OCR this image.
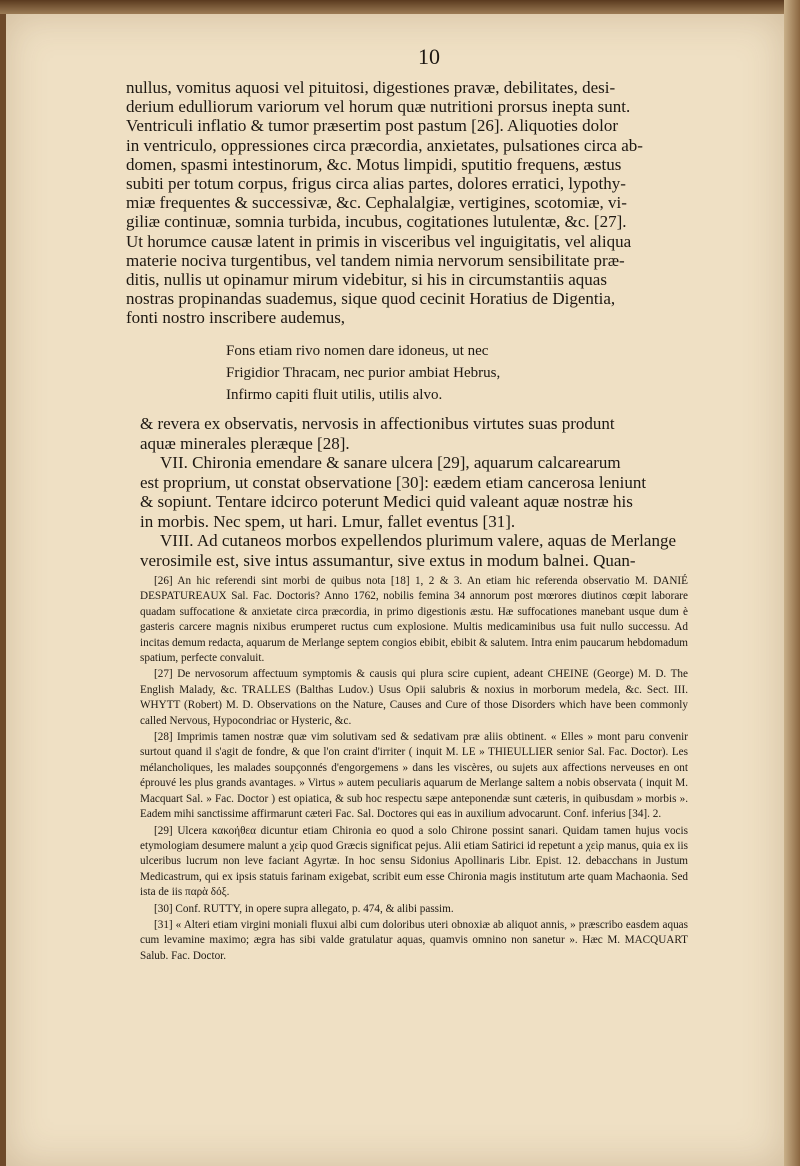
10

nullus, vomitus aquosi vel pituitosi, digestiones pravæ, debilitates, desi-

derium edulliorum variorum vel horum quæ nutritioni prorsus inepta sunt.

Ventriculi inflatio & tumor præsertim post pastum [26]. Aliquoties dolor

in ventriculo, oppressiones circa præcordia, anxietates, pulsationes circa ab-

domen, spasmi intestinorum, &c. Motus limpidi, sputitio frequens, æstus

subiti per totum corpus, frigus circa alias partes, dolores erratici, lypothy-

miæ frequentes & successivæ, &c. Cephalalgiæ, vertigines, scotomiæ, vi-

giliæ continuæ, somnia turbida, incubus, cogitationes lutulentæ, &c. [27].

Ut horumce causæ latent in primis in visceribus vel inguigitatis, vel aliqua

materie nociva turgentibus, vel tandem nimia nervorum sensibilitate præ-

ditis, nullis ut opinamur mirum videbitur, si his in circumstantiis aquas

nostras propinandas suademus, sique quod cecinit Horatius de Digentia,

fonti nostro inscribere audemus,

Fons etiam rivo nomen dare idoneus, ut nec
Frigidior Thracam, nec purior ambiat Hebrus,
Infirmo capiti fluit utilis, utilis alvo.

& revera ex observatis, nervosis in affectionibus virtutes suas produnt

aquæ minerales pleræque [28].

VII. Chironia emendare & sanare ulcera [29], aquarum calcarearum

est proprium, ut constat observatione [30]: eædem etiam cancerosa leniunt

& sopiunt. Tentare idcirco poterunt Medici quid valeant aquæ nostræ his

in morbis. Nec spem, ut hari. Lmur, fallet eventus [31].

VIII. Ad cutaneos morbos expellendos plurimum valere, aquas de Merlange

verosimile est, sive intus assumantur, sive extus in modum balnei. Quan-

[26] An hic referendi sint morbi de quibus nota [18] 1, 2 & 3. An etiam hic referenda observatio M. DANIÉ DESPATUREAUX Sal. Fac. Doctoris? Anno 1762, nobilis femina 34 annorum post mœrores diutinos cœpit laborare quadam suffocatione & anxietate circa præcordia, in primo digestionis æstu. Hæ suffocationes manebant usque dum è gasteris carcere magnis nixibus erumperet ructus cum explosione. Multis medicaminibus usa fuit nullo successu. Ad incitas demum redacta, aquarum de Merlange septem congios ebibit, ebibit & salutem. Intra enim paucarum hebdomadum spatium, perfecte convaluit.

[27] De nervosorum affectuum symptomis & causis qui plura scire cupient, adeant CHEINE (George) M. D. The English Malady, &c. TRALLES (Balthas Ludov.) Usus Opii salubris & noxius in morborum medela, &c. Sect. III. WHYTT (Robert) M. D. Observations on the Nature, Causes and Cure of those Disorders which have been commonly called Nervous, Hypocondriac or Hysteric, &c.

[28] Imprimis tamen nostræ quæ vim solutivam sed & sedativam præ aliis obtinent. « Elles » mont paru convenir surtout quand il s'agit de fondre, & que l'on craint d'irriter ( inquit M. LE » THIEULLIER senior Sal. Fac. Doctor). Les mélancholiques, les malades soupçonnés d'engorgemens » dans les viscères, ou sujets aux affections nerveuses en ont éprouvé les plus grands avantages. » Virtus » autem peculiaris aquarum de Merlange saltem a nobis observata ( inquit M. Macquart Sal. » Fac. Doctor ) est opiatica, & sub hoc respectu sæpe anteponendæ sunt cæteris, in quibusdam » morbis ». Eadem mihi sanctissime affirmarunt cæteri Fac. Sal. Doctores qui eas in auxilium advocarunt. Conf. inferius [34]. 2.

[29] Ulcera κακοήθεα dicuntur etiam Chironia eo quod a solo Chirone possint sanari. Quidam tamen hujus vocis etymologiam desumere malunt a χεὶρ quod Græcis significat pejus. Alii etiam Satirici id repetunt a χεὶρ manus, quia ex iis ulceribus lucrum non leve faciant Agyrtæ. In hoc sensu Sidonius Apollinaris Libr. Epist. 12. debacchans in Justum Medicastrum, qui ex ipsis statuis farinam exigebat, scribit eum esse Chironia magis institutum arte quam Machaonia. Sed ista de iis παρὰ δόξ.

[30] Conf. RUTTY, in opere supra allegato, p. 474, & alibi passim.

[31] « Alteri etiam virgini moniali fluxui albi cum doloribus uteri obnoxiæ ab aliquot annis, » præscribo easdem aquas cum levamine maximo; ægra has sibi valde gratulatur aquas, quamvis omnino non sanetur ». Hæc M. MACQUART Salub. Fac. Doctor.
